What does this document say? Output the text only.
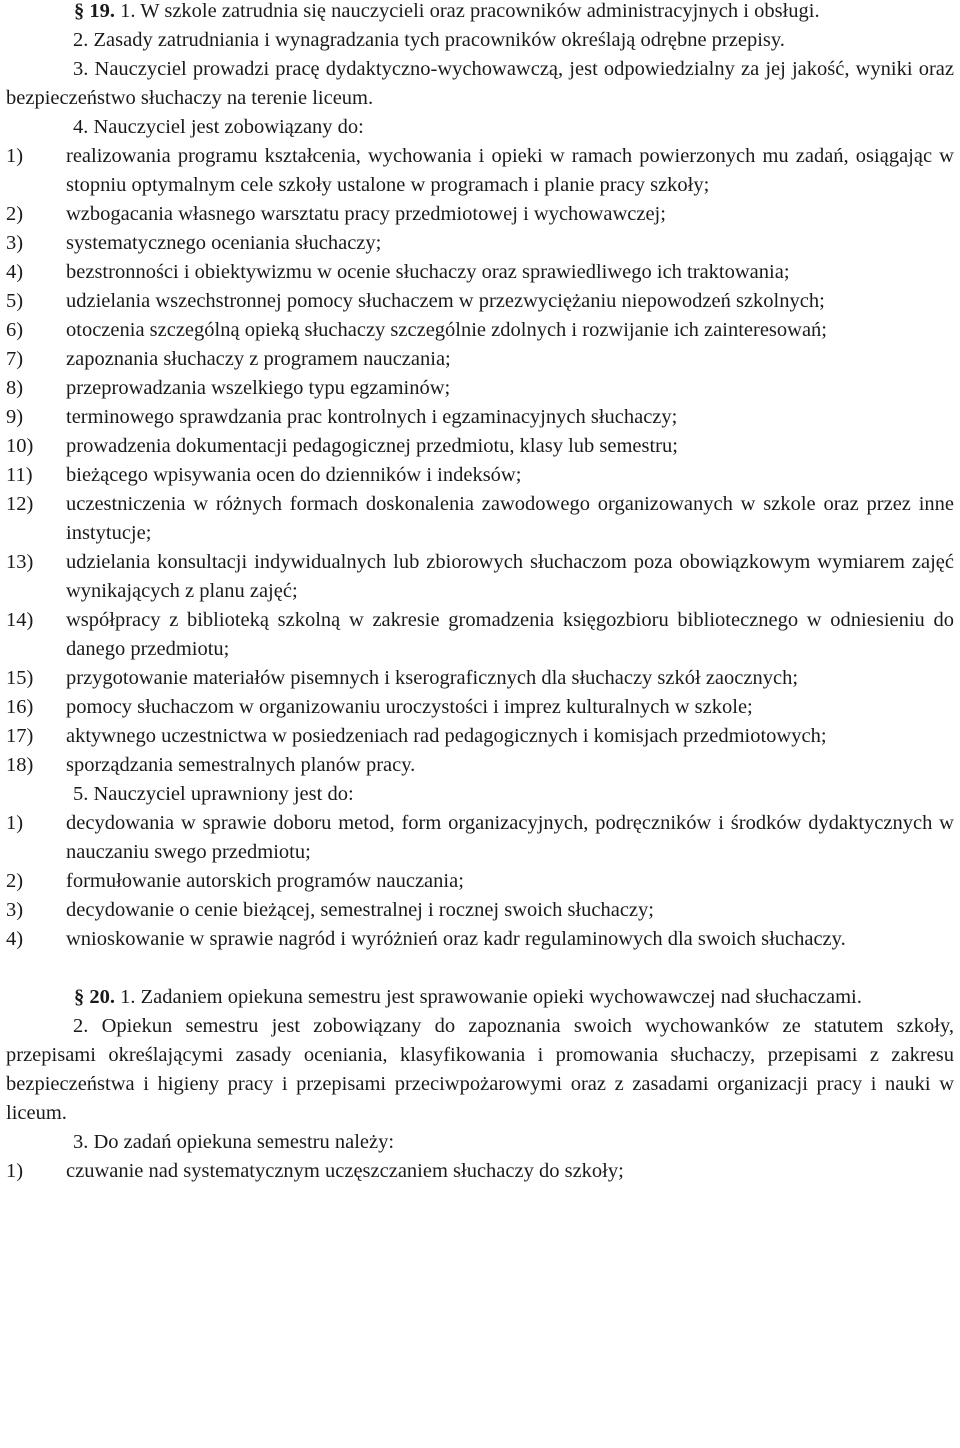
§ 19. 1. W szkole zatrudnia się nauczycieli oraz pracowników administracyjnych i obsługi.

2. Zasady zatrudniania i wynagradzania tych pracowników określają odrębne przepisy.

3. Nauczyciel prowadzi pracę dydaktyczno-wychowawczą, jest odpowiedzialny za jej jakość, wyniki oraz bezpieczeństwo słuchaczy na terenie liceum.

4. Nauczyciel jest zobowiązany do:

1)	realizowania programu kształcenia, wychowania i opieki w ramach powierzonych mu zadań, osiągając w stopniu optymalnym cele szkoły ustalone w programach i planie pracy szkoły;
2)	wzbogacania własnego warsztatu pracy przedmiotowej i wychowawczej;
3)	systematycznego oceniania słuchaczy;
4)	bezstronności i obiektywizmu w ocenie słuchaczy oraz sprawiedliwego ich traktowania;
5)	udzielania wszechstronnej pomocy słuchaczem w przezwyciężaniu niepowodzeń szkolnych;
6)	otoczenia szczególną opieką słuchaczy szczególnie zdolnych i rozwijanie ich zainteresowań;
7)	zapoznania słuchaczy z programem nauczania;
8)	przeprowadzania wszelkiego typu egzaminów;
9)	terminowego sprawdzania prac kontrolnych i egzaminacyjnych słuchaczy;
10)	prowadzenia dokumentacji pedagogicznej przedmiotu, klasy lub semestru;
11)	bieżącego wpisywania ocen do dzienników i indeksów;
12)	uczestniczenia w różnych formach doskonalenia zawodowego organizowanych w szkole oraz przez inne instytucje;
13)	udzielania konsultacji indywidualnych lub zbiorowych słuchaczom poza obowiązkowym wymiarem zajęć wynikających z planu zajęć;
14)	współpracy z biblioteką szkolną w zakresie gromadzenia księgozbioru bibliotecznego w odniesieniu do danego przedmiotu;
15)	przygotowanie materiałów pisemnych i kserograficznych dla słuchaczy szkół zaocznych;
16)	pomocy słuchaczom w organizowaniu uroczystości i imprez kulturalnych w szkole;
17)	aktywnego uczestnictwa w posiedzeniach rad pedagogicznych i komisjach przedmiotowych;
18)	sporządzania semestralnych planów pracy.

5. Nauczyciel uprawniony jest do:

1)	decydowania w sprawie doboru metod, form organizacyjnych, podręczników i środków dydaktycznych w nauczaniu swego przedmiotu;
2)	formułowanie autorskich programów nauczania;
3)	decydowanie o cenie bieżącej, semestralnej i rocznej swoich słuchaczy;
4)	wnioskowanie w sprawie nagród i wyróżnień oraz kadr regulaminowych dla swoich słuchaczy.

§ 20. 1. Zadaniem opiekuna semestru jest sprawowanie opieki wychowawczej nad słuchaczami.

2. Opiekun semestru jest zobowiązany do zapoznania swoich wychowanków ze statutem szkoły, przepisami określającymi zasady oceniania, klasyfikowania i promowania słuchaczy, przepisami z zakresu bezpieczeństwa i higieny pracy i przepisami przeciwpożarowymi oraz z zasadami organizacji pracy i nauki w liceum.

3. Do zadań opiekuna semestru należy:

1)	czuwanie nad systematycznym uczęszczaniem słuchaczy do szkoły;
